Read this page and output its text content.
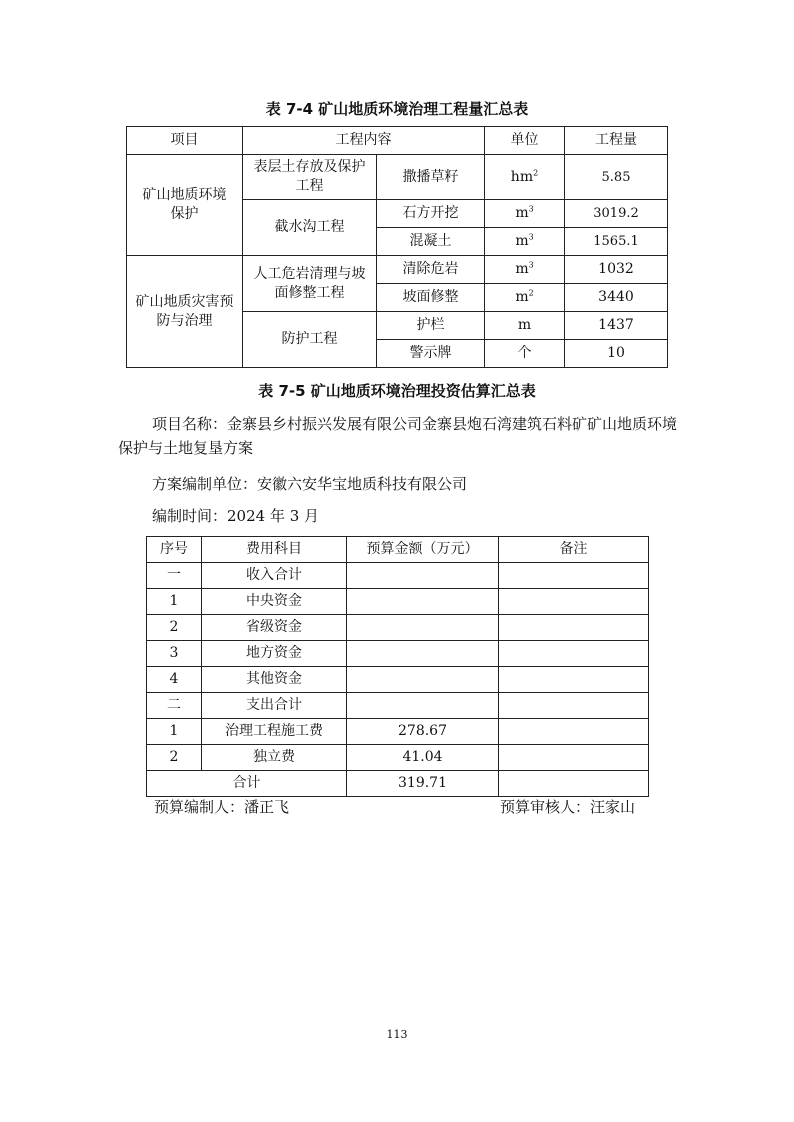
表 7-4 矿山地质环境治理工程量汇总表
项目	工程内容		单位	工程量
矿山地质环境保护	表层土存放及保护工程	撒播草籽	$hm^2$	5.85
	截水沟工程	石方开挖	$m^3$	3019.2
		混凝土	$m^3$	1565.1
矿山地质灾害预防与治理	人工危岩清理与坡面修整工程	清除危岩	$m^3$	1032
		坡面修整	$m^2$	3440
	防护工程	护栏	m	1437
		警示牌	个	10
表 7-5 矿山地质环境治理投资估算汇总表
项目名称：金寨县乡村振兴发展有限公司金寨县炮石湾建筑石料矿矿山地质环境保护与土地复垦方案
方案编制单位：安徽六安华宝地质科技有限公司
编制时间：2024 年 3 月
序号	费用科目	预算金额（万元）	备注
一	收入合计		
1	中央资金		
2	省级资金		
3	地方资金		
4	其他资金		
二	支出合计		
1	治理工程施工费	278.67	
2	独立费	41.04	
合计		319.71	
预算编制人：潘正飞	预算审核人：汪家山
113
